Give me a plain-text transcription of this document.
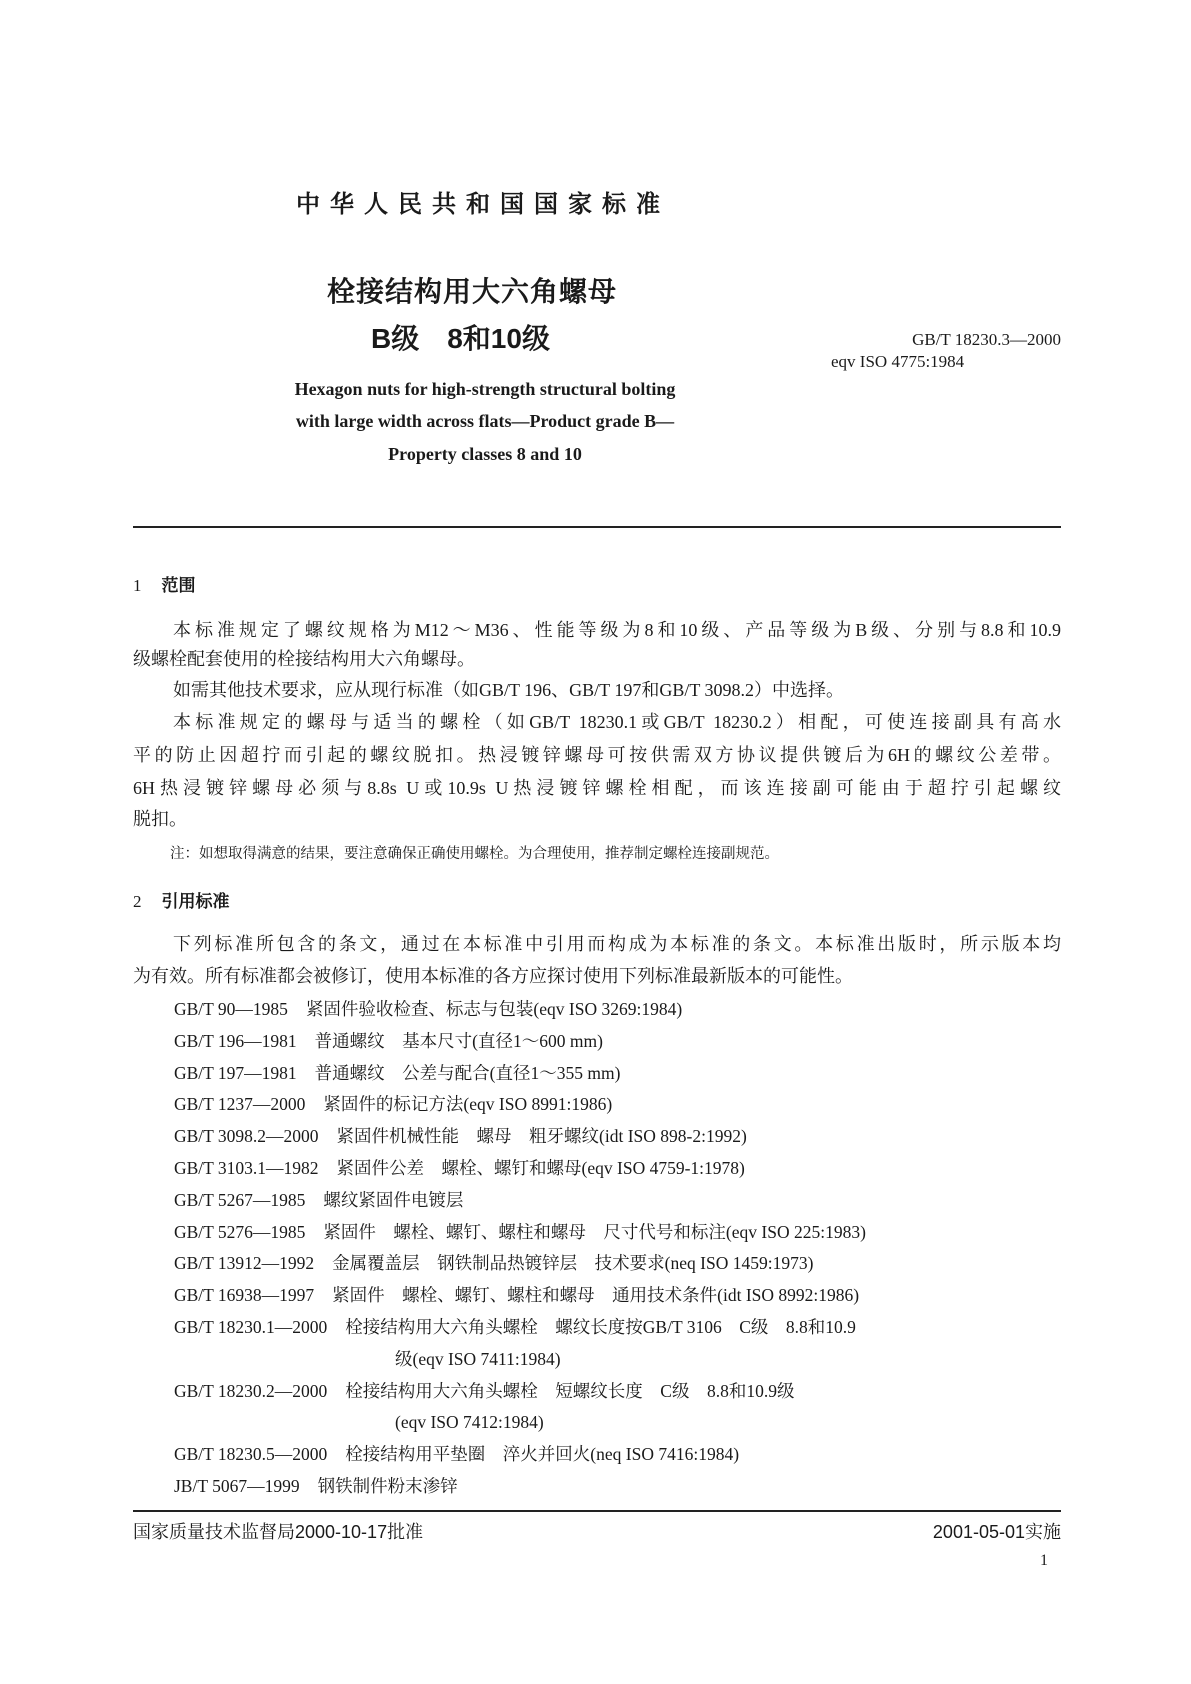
中华人民共和国国家标准
栓接结构用大六角螺母
B级　8和10级	GB/T 18230.3—2000
eqv ISO 4775:1984
Hexagon nuts for high-strength structural bolting
with large width across flats—Product grade B—
Property classes 8 and 10
1 范围
本标准规定了螺纹规格为M12～M36、性能等级为8和10级、产品等级为B级、分别与8.8和10.9
级螺栓配套使用的栓接结构用大六角螺母。
如需其他技术要求，应从现行标准（如GB/T 196、GB/T 197和GB/T 3098.2）中选择。
本标准规定的螺母与适当的螺栓（如GB/T 18230.1或GB/T 18230.2）相配，可使连接副具有高水
平的防止因超拧而引起的螺纹脱扣。热浸镀锌螺母可按供需双方协议提供镀后为6H的螺纹公差带。
6H热浸镀锌螺母必须与8.8s U或10.9s U热浸镀锌螺栓相配，而该连接副可能由于超拧引起螺纹
脱扣。
注：如想取得满意的结果，要注意确保正确使用螺栓。为合理使用，推荐制定螺栓连接副规范。
2 引用标准
下列标准所包含的条文，通过在本标准中引用而构成为本标准的条文。本标准出版时，所示版本均
为有效。所有标准都会被修订，使用本标准的各方应探讨使用下列标准最新版本的可能性。
GB/T 90—1985 紧固件验收检查、标志与包装(eqv ISO 3269:1984)
GB/T 196—1981 普通螺纹　基本尺寸(直径1～600 mm)
GB/T 197—1981 普通螺纹　公差与配合(直径1～355 mm)
GB/T 1237—2000 紧固件的标记方法(eqv ISO 8991:1986)
GB/T 3098.2—2000 紧固件机械性能　螺母　粗牙螺纹(idt ISO 898-2:1992)
GB/T 3103.1—1982 紧固件公差　螺栓、螺钉和螺母(eqv ISO 4759-1:1978)
GB/T 5267—1985 螺纹紧固件电镀层
GB/T 5276—1985 紧固件　螺栓、螺钉、螺柱和螺母　尺寸代号和标注(eqv ISO 225:1983)
GB/T 13912—1992 金属覆盖层　钢铁制品热镀锌层　技术要求(neq ISO 1459:1973)
GB/T 16938—1997 紧固件　螺栓、螺钉、螺柱和螺母　通用技术条件(idt ISO 8992:1986)
GB/T 18230.1—2000 栓接结构用大六角头螺栓　螺纹长度按GB/T 3106　C级　8.8和10.9
级(eqv ISO 7411:1984)
GB/T 18230.2—2000 栓接结构用大六角头螺栓　短螺纹长度　C级　8.8和10.9级
(eqv ISO 7412:1984)
GB/T 18230.5—2000 栓接结构用平垫圈　淬火并回火(neq ISO 7416:1984)
JB/T 5067—1999 钢铁制件粉末渗锌
国家质量技术监督局2000-10-17批准	2001-05-01实施
1
